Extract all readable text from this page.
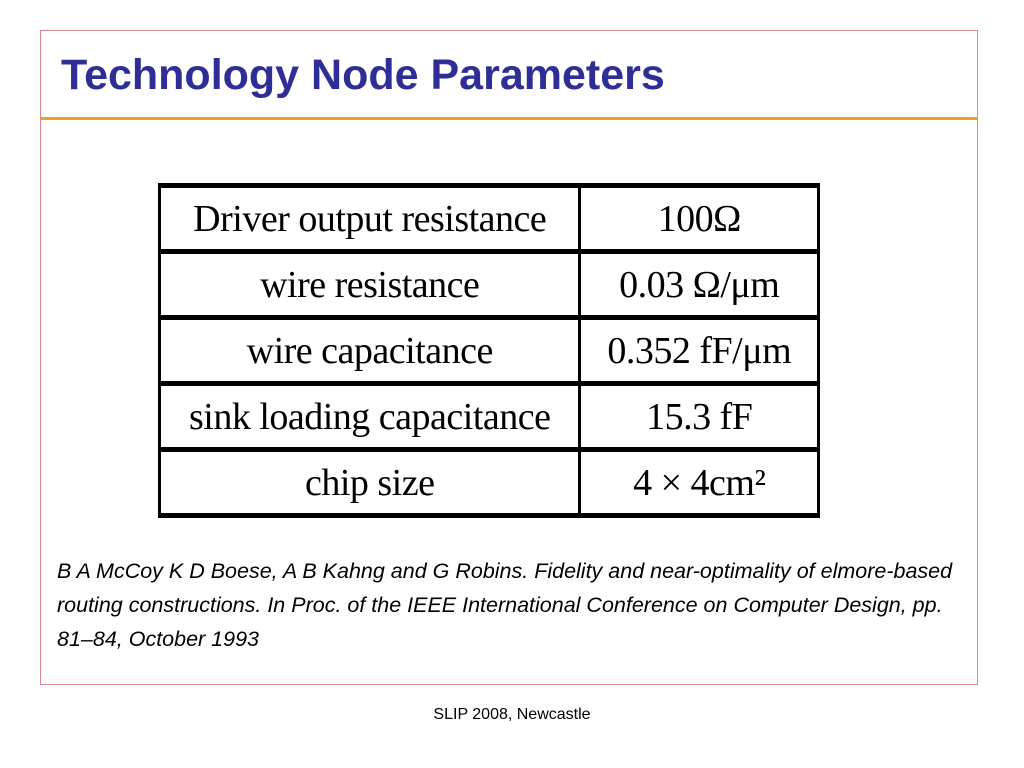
Technology Node Parameters
Driver output resistance	100Ω
wire resistance	0.03 Ω/μm
wire capacitance	0.352 fF/μm
sink loading capacitance	15.3 fF
chip size	4 × 4cm²

B A McCoy K D Boese, A B Kahng and G Robins. Fidelity and near-optimality of elmore-based routing constructions. In Proc. of the IEEE International Conference on Computer Design, pp. 81–84, October 1993

SLIP 2008, Newcastle
